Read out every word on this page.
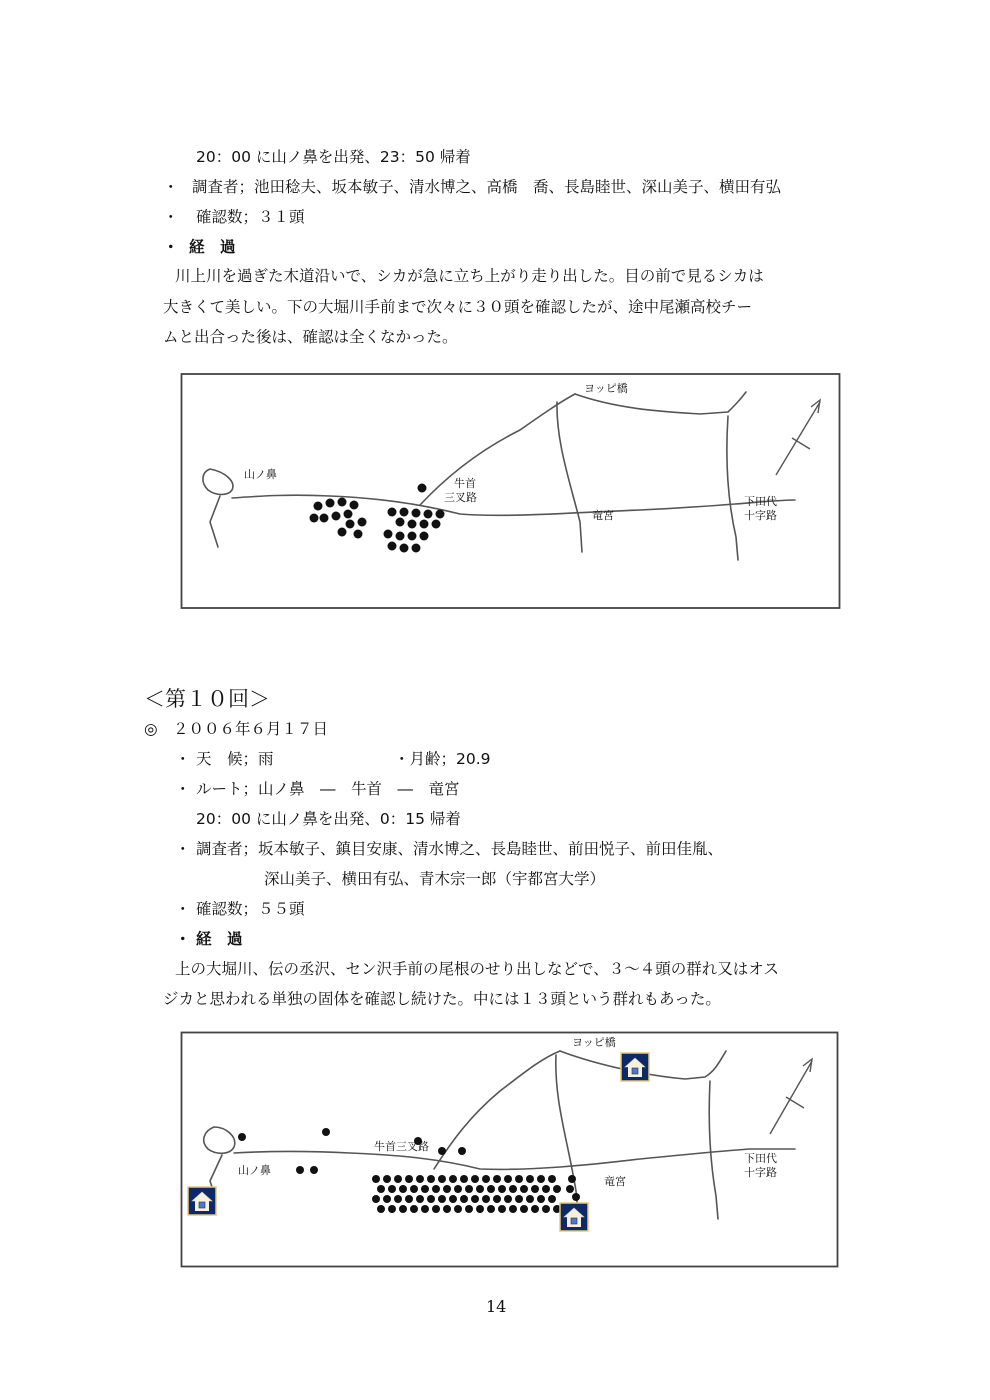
20：00 に山ノ鼻を出発、23：50 帰着
・ 調査者；池田稔夫、坂本敏子、清水博之、高橋　喬、長島睦世、深山美子、横田有弘
・ 確認数；３１頭
・ 経　過
川上川を過ぎた木道沿いで、シカが急に立ち上がり走り出した。目の前で見るシカは
大きくて美しい。下の大堀川手前まで次々に３０頭を確認したが、途中尾瀬高校チー
ムと出合った後は、確認は全くなかった。
ヨッピ橋
山ノ鼻
牛首
三叉路
竜宮
下田代
十字路
＜第１０回＞
◎　２００６年６月１７日
・ 天　候；雨	・月齢；20.9
・ ルート；山ノ鼻　―　牛首　―　竜宮
20：00 に山ノ鼻を出発、0：15 帰着
・ 調査者；坂本敏子、鎮目安康、清水博之、長島睦世、前田悦子、前田佳胤、
深山美子、横田有弘、青木宗一郎（宇都宮大学）
・ 確認数；５５頭
・ 経　過
上の大堀川、伝の丞沢、セン沢手前の尾根のせり出しなどで、３～４頭の群れ又はオス
ジカと思われる単独の固体を確認し続けた。中には１３頭という群れもあった。
ヨッピ橋
山ノ鼻
牛首三叉路
竜宮
下田代
十字路
14
